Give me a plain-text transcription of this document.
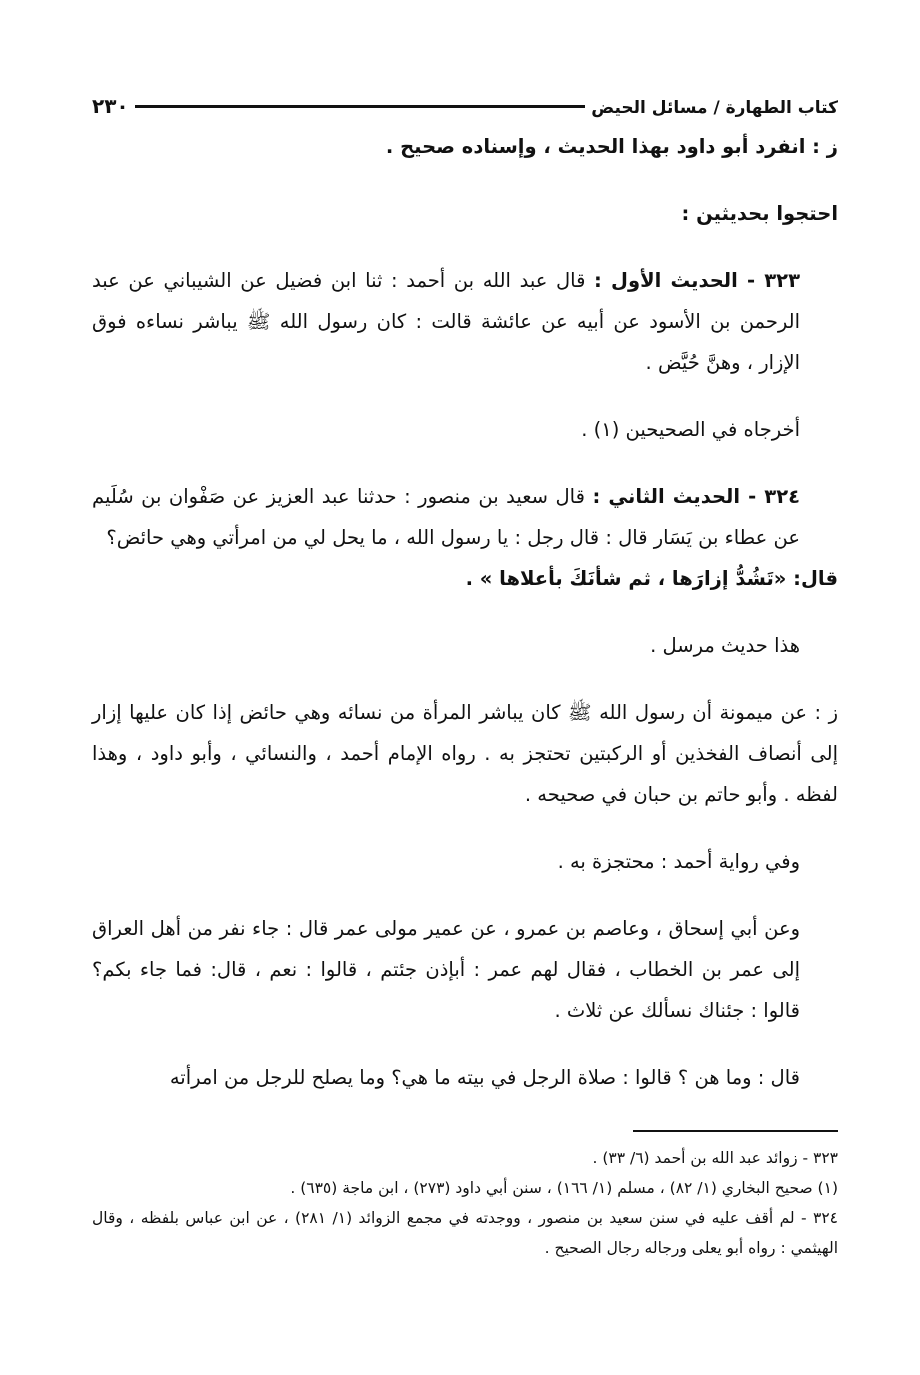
كتاب الطهارة / مسائل الحيض
٢٣٠

ز : انفرد أبو داود بهذا الحديث ، وإسناده صحيح .

احتجوا بحديثين :

٣٢٣ - الحديث الأول : قال عبد الله بن أحمد : ثنا ابن فضيل عن الشيباني عن عبد الرحمن بن الأسود عن أبيه عن عائشة قالت : كان رسول الله ﷺ يباشر نساءه فوق الإزار ، وهنَّ حُيَّض .

أخرجاه في الصحيحين (١) .

٣٢٤ - الحديث الثاني : قال سعيد بن منصور : حدثنا عبد العزيز عن صَفْوان بن سُلَيم عن عطاء بن يَسَار قال : قال رجل : يا رسول الله ، ما يحل لي من امرأتي وهي حائض؟

قال: «تَشُدُّ إزارَها ، ثم شأنَكَ بأعلاها » .

هذا حديث مرسل .

ز : عن ميمونة أن رسول الله ﷺ كان يباشر المرأة من نسائه وهي حائض إذا كان عليها إزار إلى أنصاف الفخذين أو الركبتين تحتجز به . رواه الإمام أحمد ، والنسائي ، وأبو داود ، وهذا لفظه . وأبو حاتم بن حبان في صحيحه .

وفي رواية أحمد : محتجزة به .

وعن أبي إسحاق ، وعاصم بن عمرو ، عن عمير مولى عمر قال : جاء نفر من أهل العراق إلى عمر بن الخطاب ، فقال لهم عمر : أبإذن جئتم ، قالوا : نعم ، قال: فما جاء بكم؟ قالوا : جئناك نسألك عن ثلاث .

قال : وما هن ؟ قالوا : صلاة الرجل في بيته ما هي؟ وما يصلح للرجل من امرأته

٣٢٣ - زوائد عبد الله بن أحمد (٦/ ٣٣) .

(١) صحيح البخاري (١/ ٨٢) ، مسلم (١/ ١٦٦) ، سنن أبي داود (٢٧٣) ، ابن ماجة (٦٣٥) .

٣٢٤ - لم أقف عليه في سنن سعيد بن منصور ، ووجدته في مجمع الزوائد (١/ ٢٨١) ، عن ابن عباس بلفظه ، وقال الهيثمي : رواه أبو يعلى ورجاله رجال الصحيح .
